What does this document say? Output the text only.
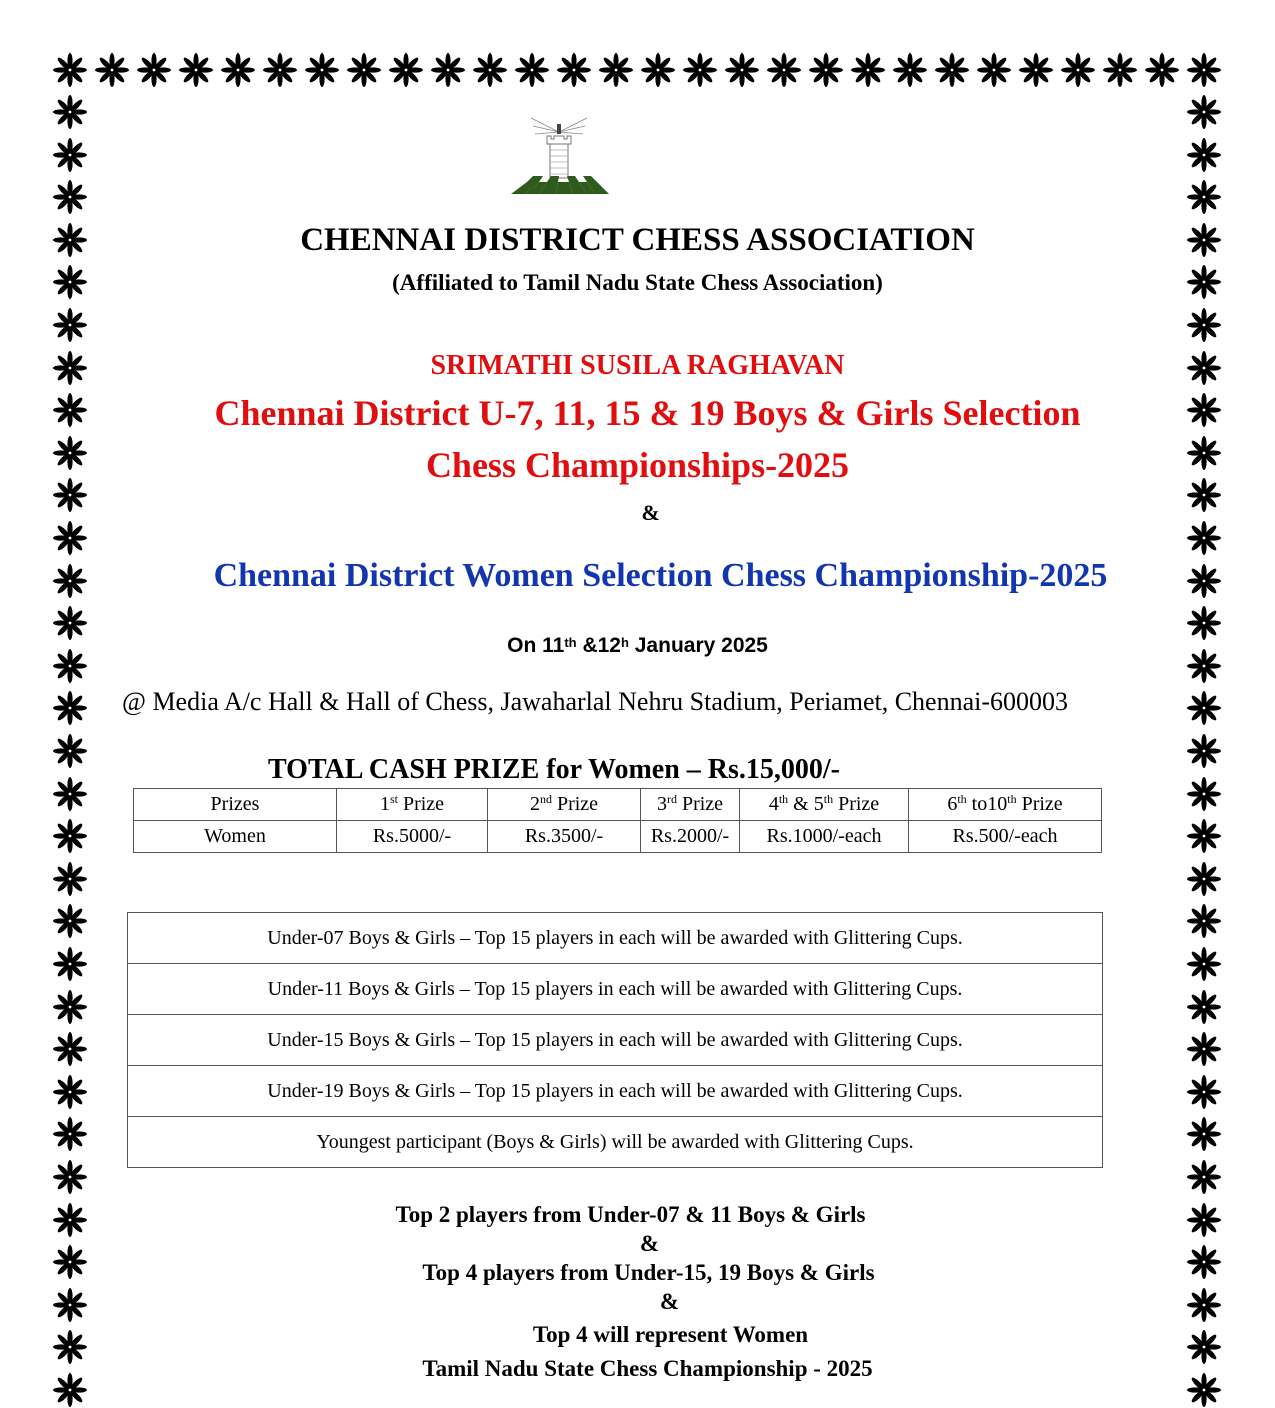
CHENNAI DISTRICT CHESS ASSOCIATION
(Affiliated to Tamil Nadu State Chess Association)
SRIMATHI SUSILA RAGHAVAN
Chennai District U-7, 11, 15 & 19 Boys & Girls Selection
Chess Championships-2025
&
Chennai District Women Selection Chess Championship-2025
On 11th &12$^h$ January 2025
@ Media A/c Hall & Hall of Chess, Jawaharlal Nehru Stadium, Periamet, Chennai-600003
TOTAL CASH PRIZE for Women – Rs.15,000/-
Prizes	1st Prize	2nd Prize	3rd Prize	4th & 5th Prize	6th to10th Prize
Women	Rs.5000/-	Rs.3500/-	Rs.2000/-	Rs.1000/-each	Rs.500/-each
Under-07 Boys & Girls – Top 15 players in each will be awarded with Glittering Cups.
Under-11 Boys & Girls – Top 15 players in each will be awarded with Glittering Cups.
Under-15 Boys & Girls – Top 15 players in each will be awarded with Glittering Cups.
Under-19 Boys & Girls – Top 15 players in each will be awarded with Glittering Cups.
Youngest participant (Boys & Girls) will be awarded with Glittering Cups.
Top 2 players from Under-07 & 11 Boys & Girls
&
Top 4 players from Under-15, 19 Boys & Girls
&
Top 4 will represent Women
Tamil Nadu State Chess Championship - 2025
